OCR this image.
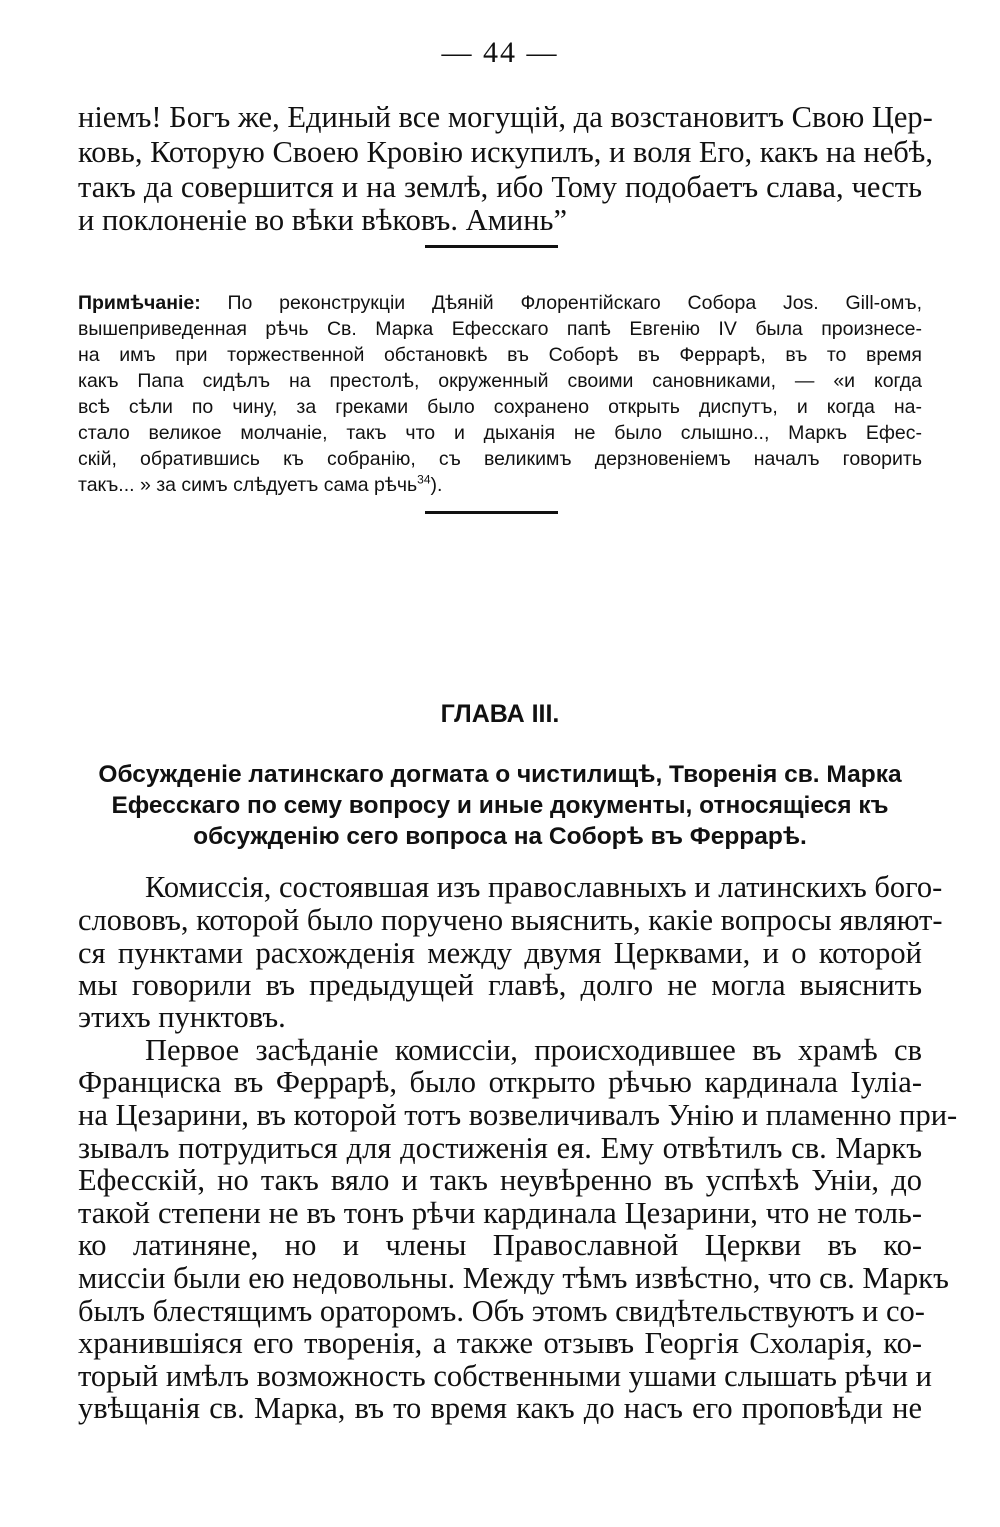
— 44 —
ніемъ! Богъ же, Единый все могущій, да возстановитъ Свою Цер-
ковь, Которую Своею Кровію искупилъ, и воля Его, какъ на небѣ,
такъ да совершится и на землѣ, ибо Тому подобаетъ слава, честь
и поклоненіе во вѣки вѣковъ. Аминь”
Примѣчаніе: По реконструкціи Дѣяній Флорентійскаго Собора Jos. Gill-омъ,
вышеприведенная рѣчь Св. Марка Ефесскаго папѣ Евгенію IV была произнесе-
на имъ при торжественной обстановкѣ въ Соборѣ въ Феррарѣ, въ то время
какъ Папа сидѣлъ на престолѣ, окруженный своими сановниками, — «и когда
всѣ сѣли по чину, за греками было сохранено открыть диспутъ, и когда на-
стало великое молчаніе, такъ что и дыханія не было слышно.., Маркъ Ефес-
скій, обратившись къ собранію, съ великимъ дерзновеніемъ началъ говорить
такъ... » за симъ слѣдуетъ сама рѣчь$^{34}$).
ГЛАВА III.
Обсужденіе латинскаго догмата о чистилищѣ, Творенія св. Марка
Ефесскаго по сему вопросу и иные документы, относящіеся къ
обсужденію сего вопроса на Соборѣ въ Феррарѣ.
Комиссія, состоявшая изъ православныхъ и латинскихъ бого-
слововъ, которой было поручено выяснить, какіе вопросы являют-
ся пунктами расхожденія между двумя Церквами, и о которой
мы говорили въ предыдущей главѣ, долго не могла выяснить
этихъ пунктовъ.
Первое засѣданіе комиссіи, происходившее въ храмѣ св
Франциска въ Феррарѣ, было открыто рѣчью кардинала Іуліа-
на Цезарини, въ которой тотъ возвеличивалъ Унію и пламенно при-
зывалъ потрудиться для достиженія ея. Ему отвѣтилъ св. Маркъ
Ефесскій, но такъ вяло и такъ неувѣренно въ успѣхѣ Уніи, до
такой степени не въ тонъ рѣчи кардинала Цезарини, что не толь-
ко латиняне, но и члены Православной Церкви въ ко-
миссіи были ею недовольны. Между тѣмъ извѣстно, что св. Маркъ
былъ блестящимъ ораторомъ. Объ этомъ свидѣтельствуютъ и со-
хранившіяся его творенія, а также отзывъ Георгія Схоларія, ко-
торый имѣлъ возможность собственными ушами слышать рѣчи и
увѣщанія св. Марка, въ то время какъ до насъ его проповѣди не
